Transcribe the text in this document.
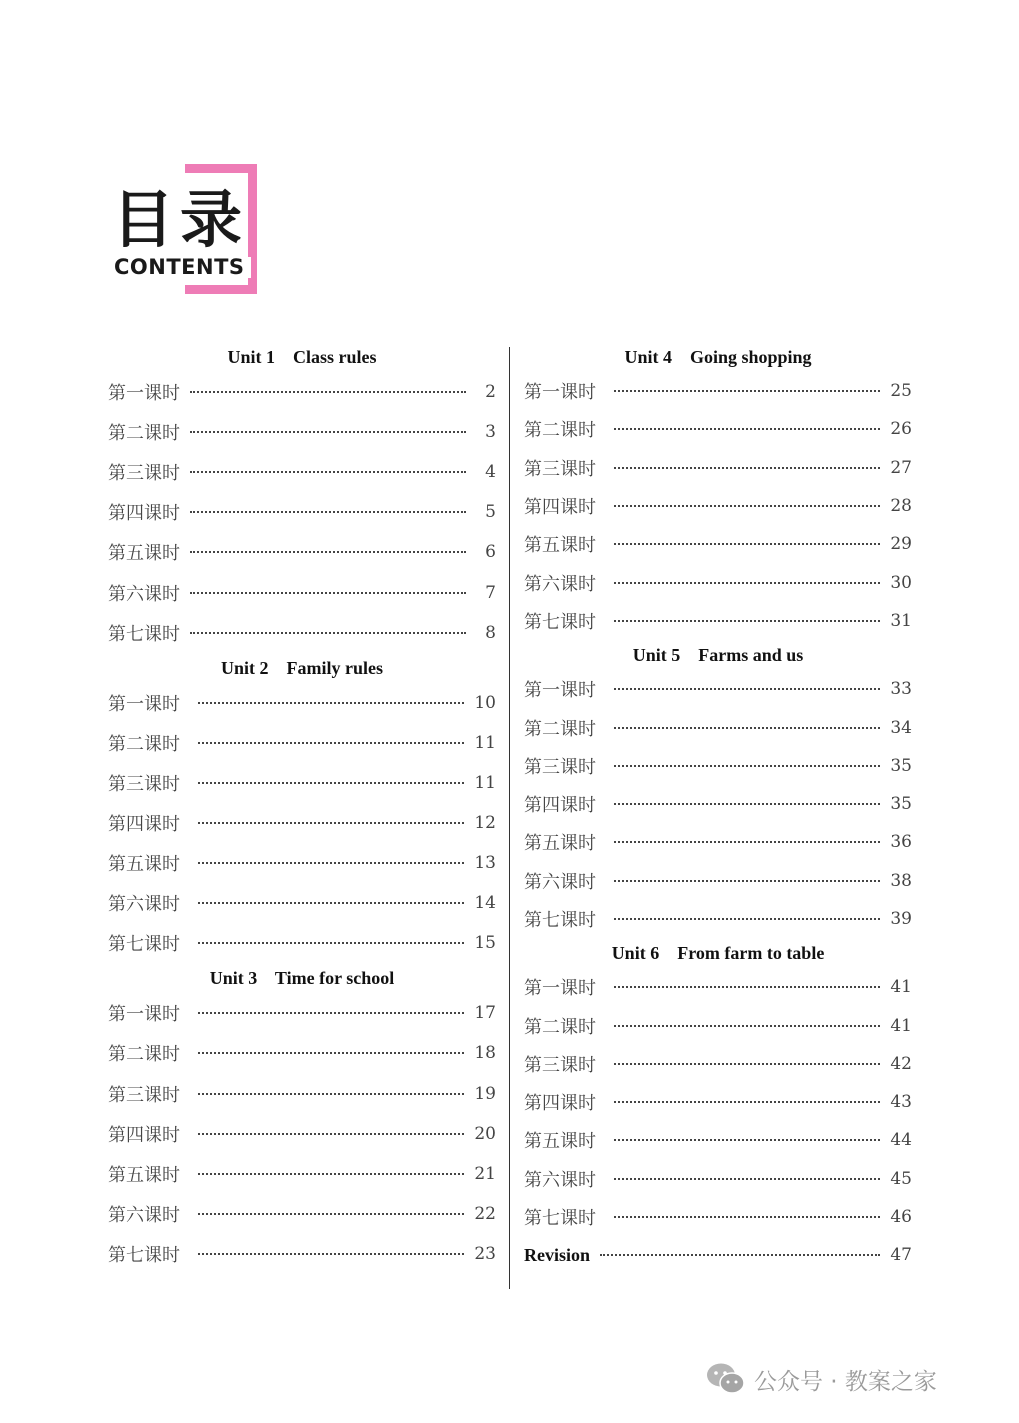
目录
CONTENTS
Unit 1    Class rules
第一课时	2
第二课时	3
第三课时	4
第四课时	5
第五课时	6
第六课时	7
第七课时	8
Unit 2    Family rules
第一课时	10
第二课时	11
第三课时	11
第四课时	12
第五课时	13
第六课时	14
第七课时	15
Unit 3    Time for school
第一课时	17
第二课时	18
第三课时	19
第四课时	20
第五课时	21
第六课时	22
第七课时	23
Unit 4    Going shopping
第一课时	25
第二课时	26
第三课时	27
第四课时	28
第五课时	29
第六课时	30
第七课时	31
Unit 5    Farms and us
第一课时	33
第二课时	34
第三课时	35
第四课时	35
第五课时	36
第六课时	38
第七课时	39
Unit 6    From farm to table
第一课时	41
第二课时	41
第三课时	42
第四课时	43
第五课时	44
第六课时	45
第七课时	46
Revision	47
公众号 · 教案之家
